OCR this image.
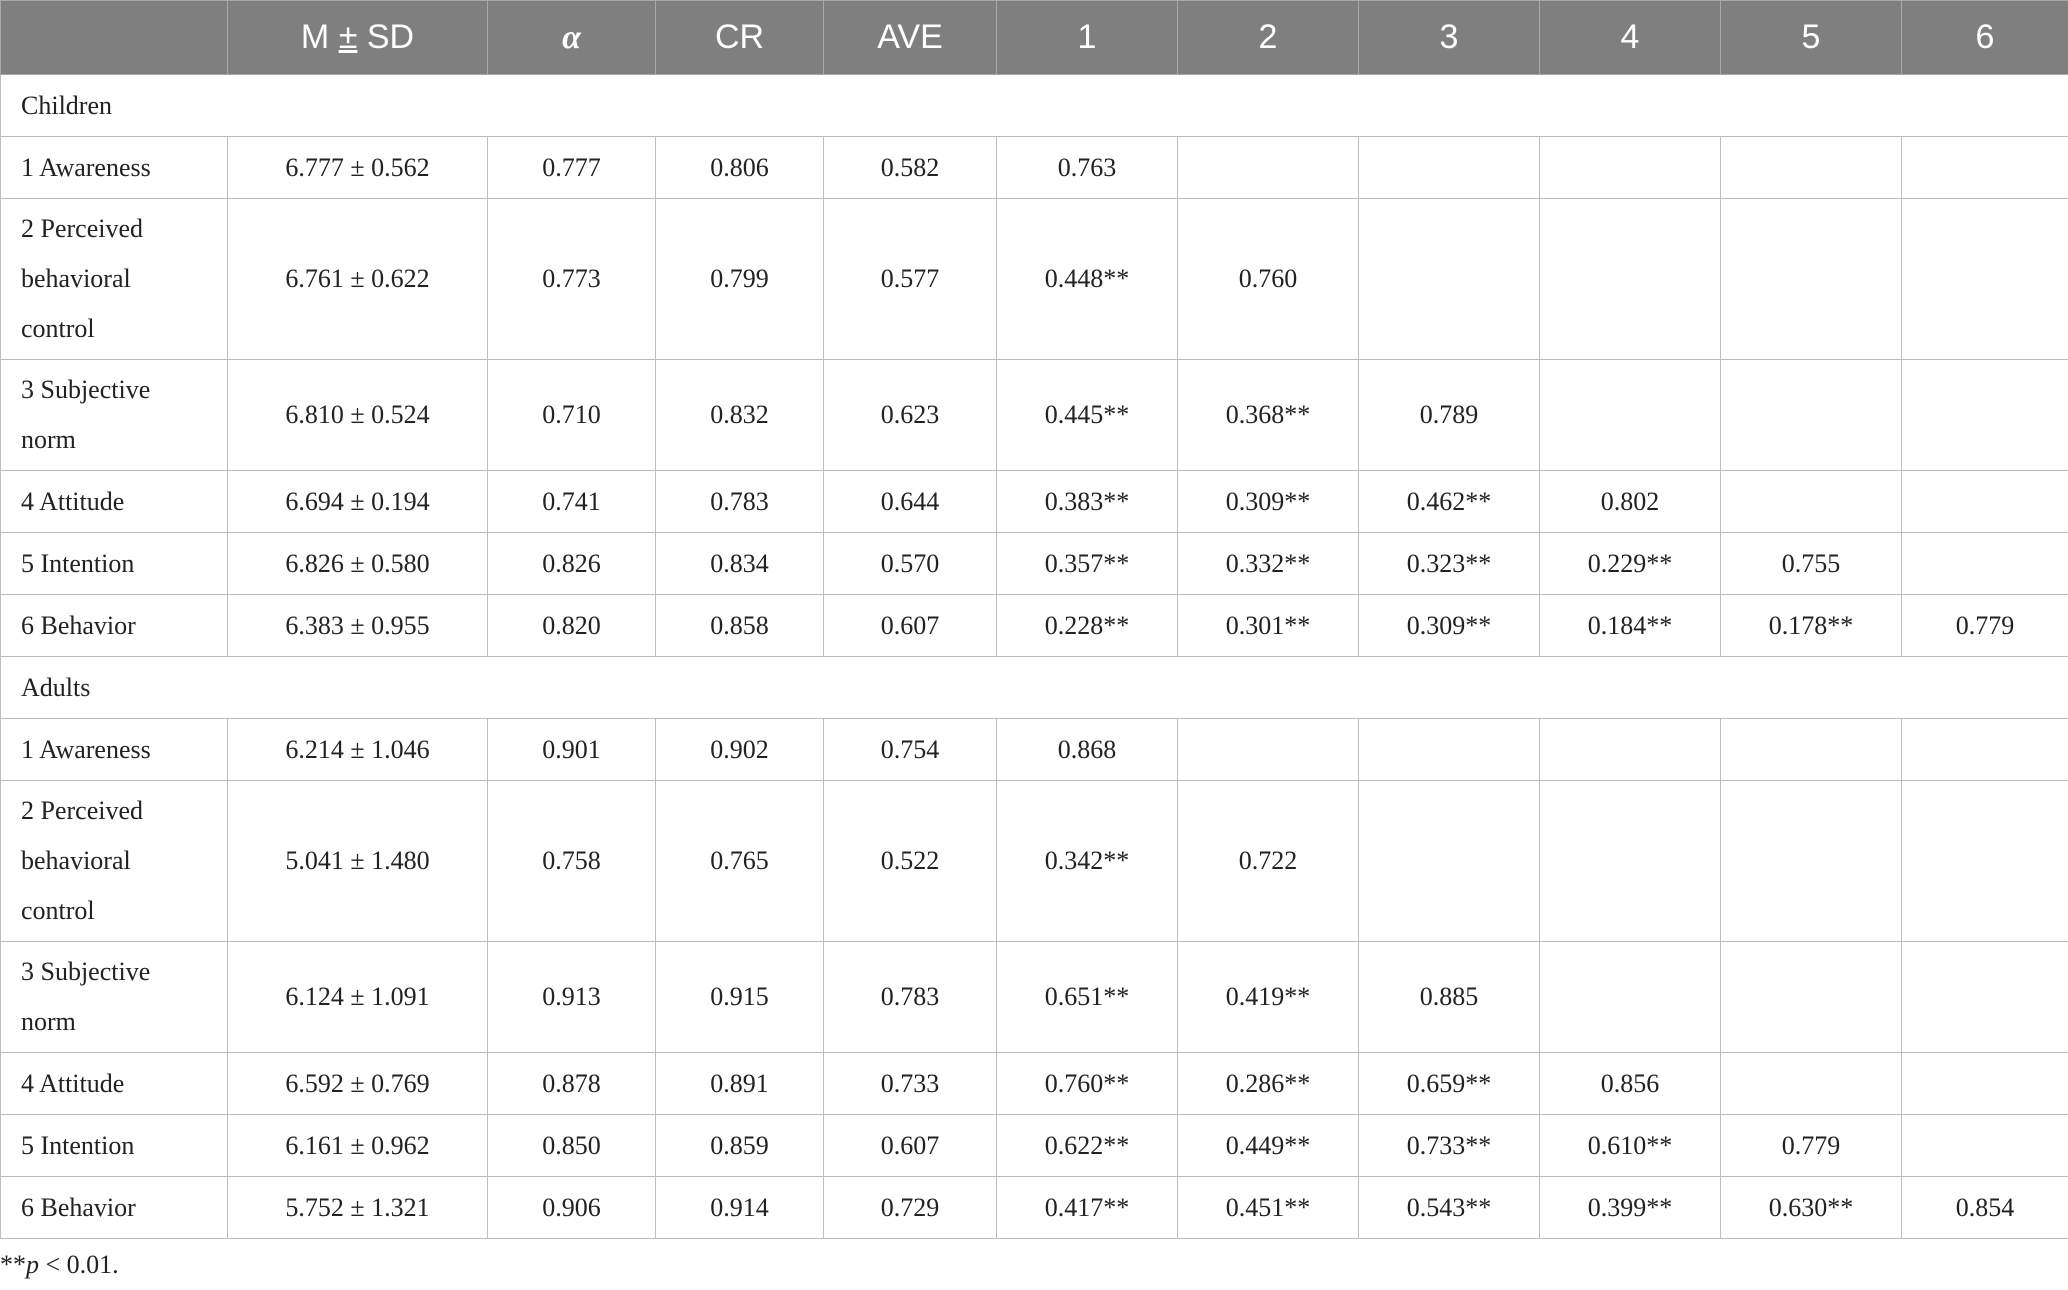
	M ± SD	α	CR	AVE	1	2	3	4	5	6
Children										
1 Awareness	6.777 ± 0.562	0.777	0.806	0.582	0.763					
2 Perceived behavioral control	6.761 ± 0.622	0.773	0.799	0.577	0.448**	0.760				
3 Subjective norm	6.810 ± 0.524	0.710	0.832	0.623	0.445**	0.368**	0.789			
4 Attitude	6.694 ± 0.194	0.741	0.783	0.644	0.383**	0.309**	0.462**	0.802		
5 Intention	6.826 ± 0.580	0.826	0.834	0.570	0.357**	0.332**	0.323**	0.229**	0.755	
6 Behavior	6.383 ± 0.955	0.820	0.858	0.607	0.228**	0.301**	0.309**	0.184**	0.178**	0.779
Adults										
1 Awareness	6.214 ± 1.046	0.901	0.902	0.754	0.868					
2 Perceived behavioral control	5.041 ± 1.480	0.758	0.765	0.522	0.342**	0.722				
3 Subjective norm	6.124 ± 1.091	0.913	0.915	0.783	0.651**	0.419**	0.885			
4 Attitude	6.592 ± 0.769	0.878	0.891	0.733	0.760**	0.286**	0.659**	0.856		
5 Intention	6.161 ± 0.962	0.850	0.859	0.607	0.622**	0.449**	0.733**	0.610**	0.779	
6 Behavior	5.752 ± 1.321	0.906	0.914	0.729	0.417**	0.451**	0.543**	0.399**	0.630**	0.854
**p < 0.01.
